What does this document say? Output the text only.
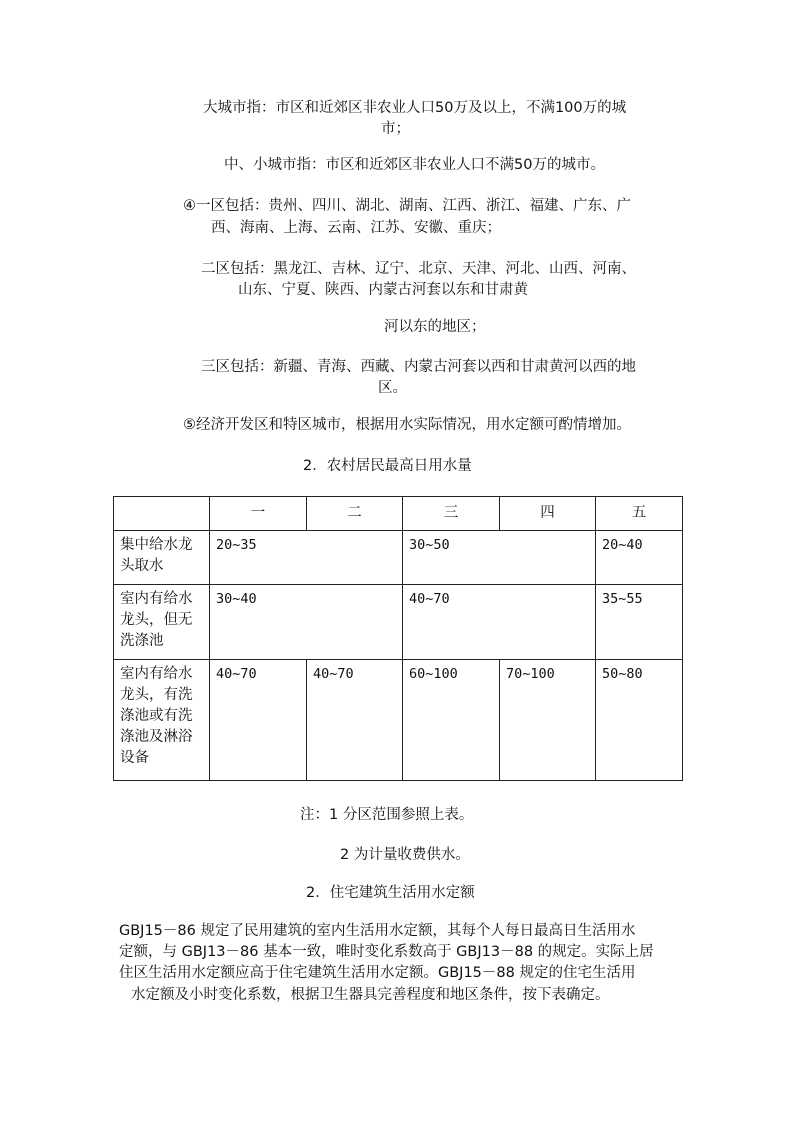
大城市指：市区和近郊区非农业人口50万及以上，不满100万的城
市；
中、小城市指：市区和近郊区非农业人口不满50万的城市。
④一区包括：贵州、四川、湖北、湖南、江西、浙江、福建、广东、广
西、海南、上海、云南、江苏、安徽、重庆；
二区包括：黑龙江、吉林、辽宁、北京、天津、河北、山西、河南、
山东、宁夏、陕西、内蒙古河套以东和甘肃黄
河以东的地区；
三区包括：新疆、青海、西藏、内蒙古河套以西和甘肃黄河以西的地
区。
⑤经济开发区和特区城市，根据用水实际情况，用水定额可酌情增加。
2．农村居民最高日用水量
	一	二	三	四	五
集中给水龙头取水	20~35		30~50		20~40
室内有给水龙头，但无洗涤池	30~40		40~70		35~55
室内有给水龙头，有洗涤池或有洗涤池及淋浴设备	40~70	40~70	60~100	70~100	50~80
注：1 分区范围参照上表。
2 为计量收费供水。
2．住宅建筑生活用水定额
GBJ15－86 规定了民用建筑的室内生活用水定额，其每个人每日最高日生活用水
定额，与 GBJ13－86 基本一致，唯时变化系数高于 GBJ13－88 的规定。实际上居
住区生活用水定额应高于住宅建筑生活用水定额。GBJ15－88 规定的住宅生活用
水定额及小时变化系数，根据卫生器具完善程度和地区条件，按下表确定。
